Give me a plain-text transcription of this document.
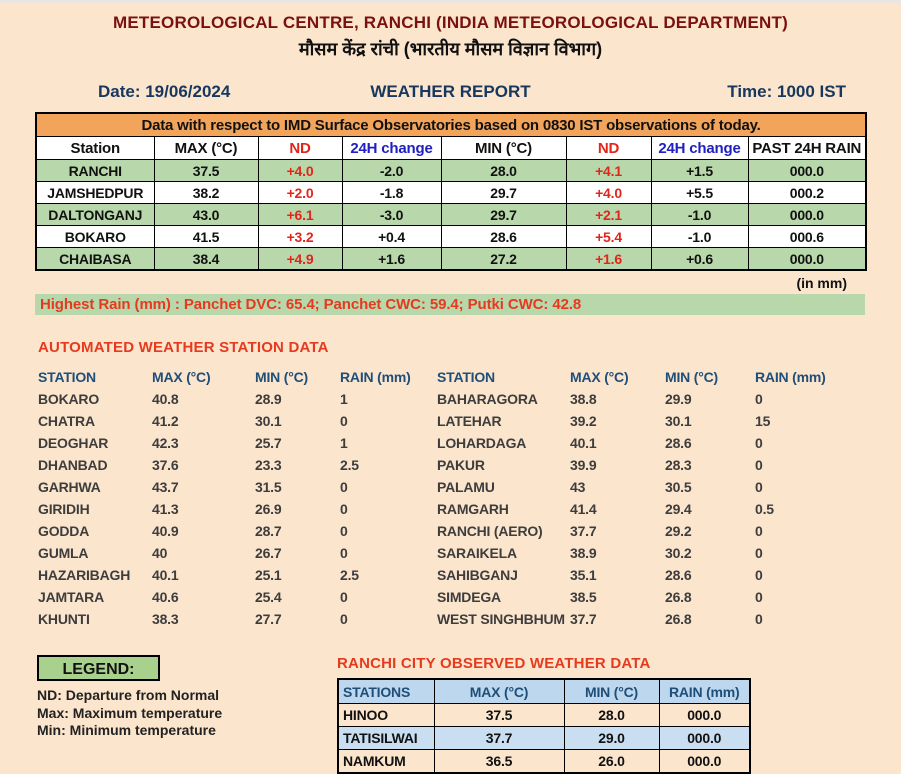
METEOROLOGICAL CENTRE, RANCHI (INDIA METEOROLOGICAL DEPARTMENT)
मौसम केंद्र रांची (भारतीय मौसम विज्ञान विभाग)
Date: 19/06/2024	WEATHER REPORT	Time: 1000 IST
Data with respect to IMD Surface Observatories based on 0830 IST observations of today.							
Station	MAX (°C)	ND	24H change	MIN (°C)	ND	24H change	PAST 24H RAIN
RANCHI	37.5	+4.0	-2.0	28.0	+4.1	+1.5	000.0
JAMSHEDPUR	38.2	+2.0	-1.8	29.7	+4.0	+5.5	000.2
DALTONGANJ	43.0	+6.1	-3.0	29.7	+2.1	-1.0	000.0
BOKARO	41.5	+3.2	+0.4	28.6	+5.4	-1.0	000.6
CHAIBASA	38.4	+4.9	+1.6	27.2	+1.6	+0.6	000.0
(in mm)
Highest Rain (mm) : Panchet DVC: 65.4; Panchet CWC: 59.4; Putki CWC: 42.8
AUTOMATED WEATHER STATION DATA
STATION	MAX (°C)	MIN (°C)	RAIN (mm)
BOKARO	40.8	28.9	1
CHATRA	41.2	30.1	0
DEOGHAR	42.3	25.7	1
DHANBAD	37.6	23.3	2.5
GARHWA	43.7	31.5	0
GIRIDIH	41.3	26.9	0
GODDA	40.9	28.7	0
GUMLA	40	26.7	0
HAZARIBAGH	40.1	25.1	2.5
JAMTARA	40.6	25.4	0
KHUNTI	38.3	27.7	0
STATION	MAX (°C)	MIN (°C)	RAIN (mm)
BAHARAGORA	38.8	29.9	0
LATEHAR	39.2	30.1	15
LOHARDAGA	40.1	28.6	0
PAKUR	39.9	28.3	0
PALAMU	43	30.5	0
RAMGARH	41.4	29.4	0.5
RANCHI (AERO)	37.7	29.2	0
SARAIKELA	38.9	30.2	0
SAHIBGANJ	35.1	28.6	0
SIMDEGA	38.5	26.8	0
WEST SINGHBHUM	37.7	26.8	0
LEGEND:
ND: Departure from Normal
Max: Maximum temperature
Min: Minimum temperature
RANCHI CITY OBSERVED WEATHER DATA
STATIONS	MAX (°C)	MIN (°C)	RAIN (mm)
HINOO	37.5	28.0	000.0
TATISILWAI	37.7	29.0	000.0
NAMKUM	36.5	26.0	000.0
